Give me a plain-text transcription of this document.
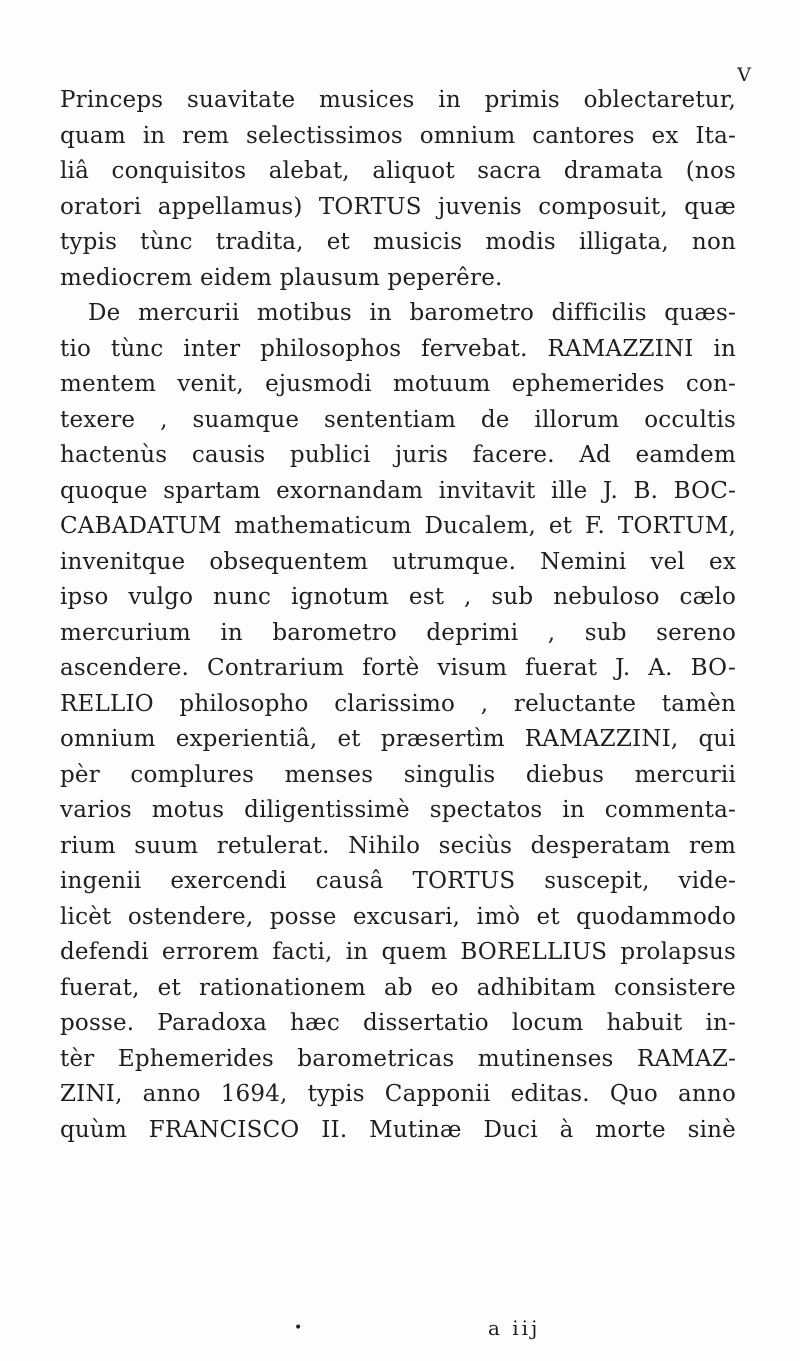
V
Princeps suavitate musices in primis oblectaretur,
quam in rem selectissimos omnium cantores ex Ita-
liâ conquisitos alebat, aliquot sacra dramata (nos
oratori appellamus) TORTUS juvenis composuit, quæ
typis tùnc tradita, et musicis modis illigata, non
mediocrem eidem plausum peperêre.
De mercurii motibus in barometro difficilis quæs-
tio tùnc inter philosophos fervebat. RAMAZZINI in
mentem venit, ejusmodi motuum ephemerides con-
texere , suamque sententiam de illorum occultis
hactenùs causis publici juris facere. Ad eamdem
quoque spartam exornandam invitavit ille J. B. BOC-
CABADATUM mathematicum Ducalem, et F. TORTUM,
invenitque obsequentem utrumque. Nemini vel ex
ipso vulgo nunc ignotum est , sub nebuloso cælo
mercurium in barometro deprimi , sub sereno
ascendere. Contrarium fortè visum fuerat J. A. BO-
RELLIO philosopho clarissimo , reluctante tamèn
omnium experientiâ, et præsertìm RAMAZZINI, qui
pèr complures menses singulis diebus mercurii
varios motus diligentissimè spectatos in commenta-
rium suum retulerat. Nihilo seciùs desperatam rem
ingenii exercendi causâ TORTUS suscepit, vide-
licèt ostendere, posse excusari, imò et quodammodo
defendi errorem facti, in quem BORELLIUS prolapsus
fuerat, et rationationem ab eo adhibitam consistere
posse. Paradoxa hæc dissertatio locum habuit in-
tèr Ephemerides barometricas mutinenses RAMAZ-
ZINI, anno 1694, typis Capponii editas. Quo anno
quùm FRANCISCO II. Mutinæ Duci à morte sinè
•	a iij
